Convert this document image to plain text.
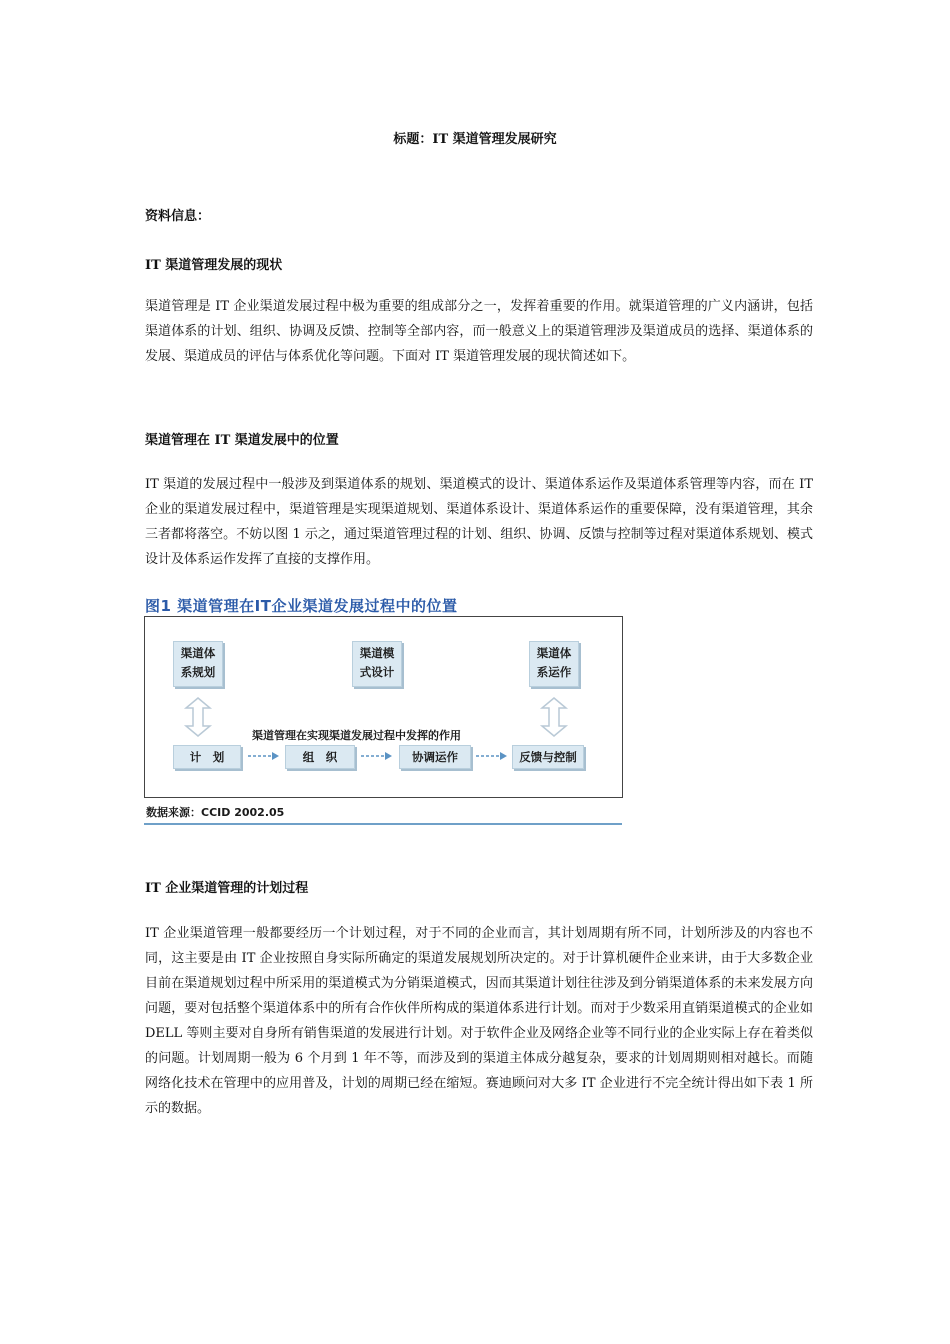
标题：IT 渠道管理发展研究
资料信息：
IT 渠道管理发展的现状

渠道管理是 IT 企业渠道发展过程中极为重要的组成部分之一，发挥着重要的作用。就渠道管理的广义内涵讲，包括渠道体系的计划、组织、协调及反馈、控制等全部内容，而一般意义上的渠道管理涉及渠道成员的选择、渠道体系的发展、渠道成员的评估与体系优化等问题。下面对 IT 渠道管理发展的现状简述如下。

渠道管理在 IT 渠道发展中的位置

IT 渠道的发展过程中一般涉及到渠道体系的规划、渠道模式的设计、渠道体系运作及渠道体系管理等内容，而在 IT 企业的渠道发展过程中，渠道管理是实现渠道规划、渠道体系设计、渠道体系运作的重要保障，没有渠道管理，其余三者都将落空。不妨以图 1 示之，通过渠道管理过程的计划、组织、协调、反馈与控制等过程对渠道体系规划、模式设计及体系运作发挥了直接的支撑作用。

图1 渠道管理在IT企业渠道发展过程中的位置
渠道体
系规划
渠道模
式设计
渠道体
系运作
渠道管理在实现渠道发展过程中发挥的作用
计　划	组　织	协调运作	反馈与控制
数据来源：CCID 2002.05
IT 企业渠道管理的计划过程

IT 企业渠道管理一般都要经历一个计划过程，对于不同的企业而言，其计划周期有所不同，计划所涉及的内容也不同，这主要是由 IT 企业按照自身实际所确定的渠道发展规划所决定的。对于计算机硬件企业来讲，由于大多数企业目前在渠道规划过程中所采用的渠道模式为分销渠道模式，因而其渠道计划往往涉及到分销渠道体系的未来发展方向问题，要对包括整个渠道体系中的所有合作伙伴所构成的渠道体系进行计划。而对于少数采用直销渠道模式的企业如 DELL 等则主要对自身所有销售渠道的发展进行计划。对于软件企业及网络企业等不同行业的企业实际上存在着类似的问题。计划周期一般为 6 个月到 1 年不等，而涉及到的渠道主体成分越复杂，要求的计划周期则相对越长。而随网络化技术在管理中的应用普及，计划的周期已经在缩短。赛迪顾问对大多 IT 企业进行不完全统计得出如下表 1 所示的数据。
